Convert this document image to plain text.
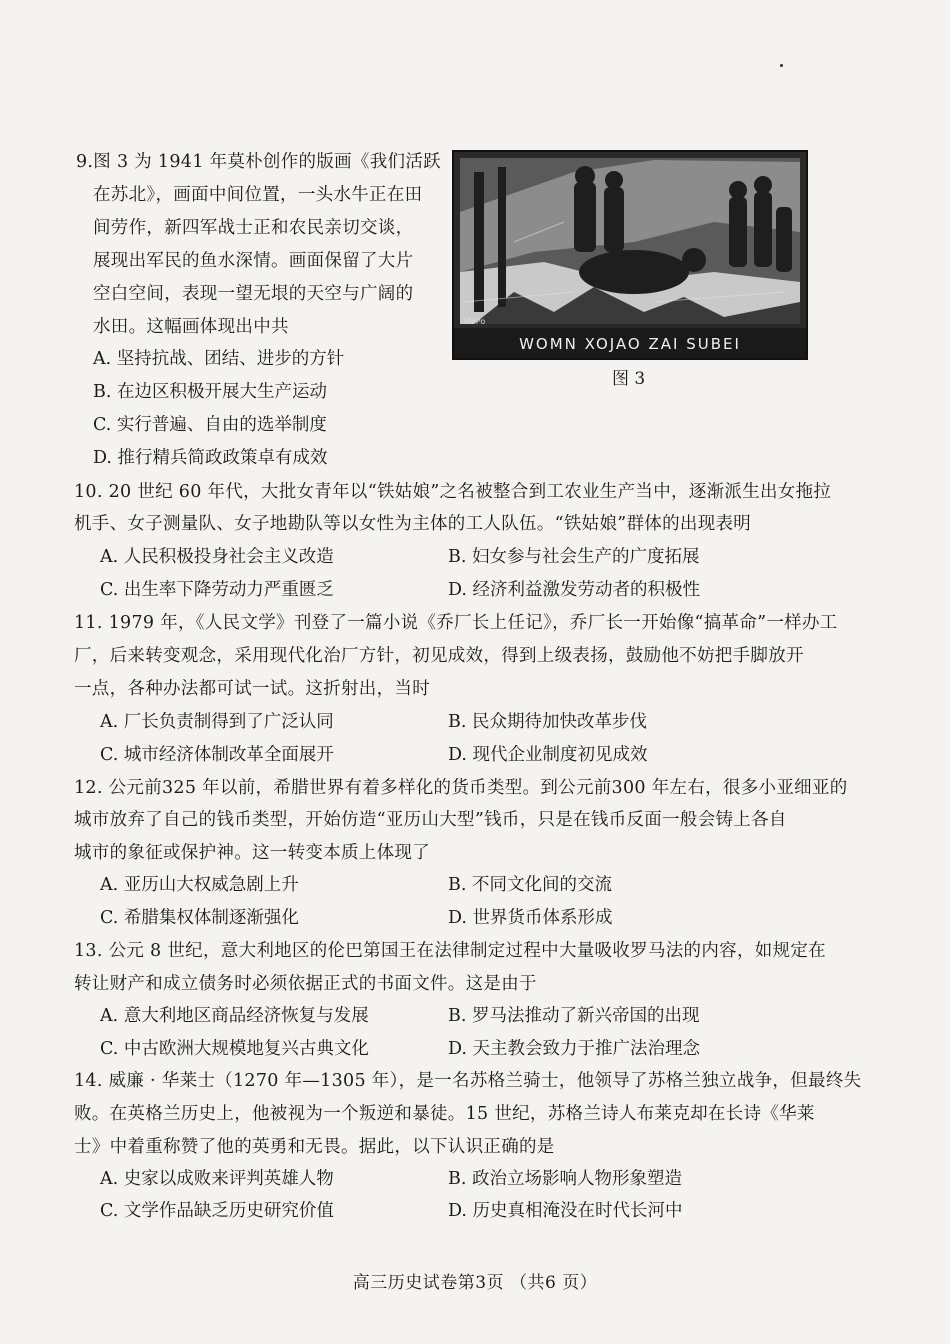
9.图 3 为 1941 年莫朴创作的版画《我们活跃
在苏北》，画面中间位置，一头水牛正在田
间劳作，新四军战士正和农民亲切交谈，
展现出军民的鱼水深情。画面保留了大片
空白空间，表现一望无垠的天空与广阔的
水田。这幅画体现出中共
A. 坚持抗战、团结、进步的方针
B. 在边区积极开展大生产运动
C. 实行普遍、自由的选举制度
D. 推行精兵简政政策卓有成效
MoPo
WOMN XOJAO ZAI SUBEI
图 3
10. 20 世纪 60 年代，大批女青年以“铁姑娘”之名被整合到工农业生产当中，逐渐派生出女拖拉
机手、女子测量队、女子地勘队等以女性为主体的工人队伍。“铁姑娘”群体的出现表明
A. 人民积极投身社会主义改造	B. 妇女参与社会生产的广度拓展
C. 出生率下降劳动力严重匮乏	D. 经济利益激发劳动者的积极性
11. 1979 年，《人民文学》刊登了一篇小说《乔厂长上任记》，乔厂长一开始像“搞革命”一样办工
厂，后来转变观念，采用现代化治厂方针，初见成效，得到上级表扬，鼓励他不妨把手脚放开
一点，各种办法都可试一试。这折射出，当时
A. 厂长负责制得到了广泛认同	B. 民众期待加快改革步伐
C. 城市经济体制改革全面展开	D. 现代企业制度初见成效
12. 公元前325 年以前，希腊世界有着多样化的货币类型。到公元前300 年左右，很多小亚细亚的
城市放弃了自己的钱币类型，开始仿造“亚历山大型”钱币，只是在钱币反面一般会铸上各自
城市的象征或保护神。这一转变本质上体现了
A. 亚历山大权威急剧上升	B. 不同文化间的交流
C. 希腊集权体制逐渐强化	D. 世界货币体系形成
13. 公元 8 世纪，意大利地区的伦巴第国王在法律制定过程中大量吸收罗马法的内容，如规定在
转让财产和成立债务时必须依据正式的书面文件。这是由于
A. 意大利地区商品经济恢复与发展	B. 罗马法推动了新兴帝国的出现
C. 中古欧洲大规模地复兴古典文化	D. 天主教会致力于推广法治理念
14. 威廉 · 华莱士（1270 年—1305 年），是一名苏格兰骑士，他领导了苏格兰独立战争，但最终失
败。在英格兰历史上，他被视为一个叛逆和暴徒。15 世纪，苏格兰诗人布莱克却在长诗《华莱
士》中着重称赞了他的英勇和无畏。据此，以下认识正确的是
A. 史家以成败来评判英雄人物	B. 政治立场影响人物形象塑造
C. 文学作品缺乏历史研究价值	D. 历史真相淹没在时代长河中
高三历史试卷第3页 （共6 页）
